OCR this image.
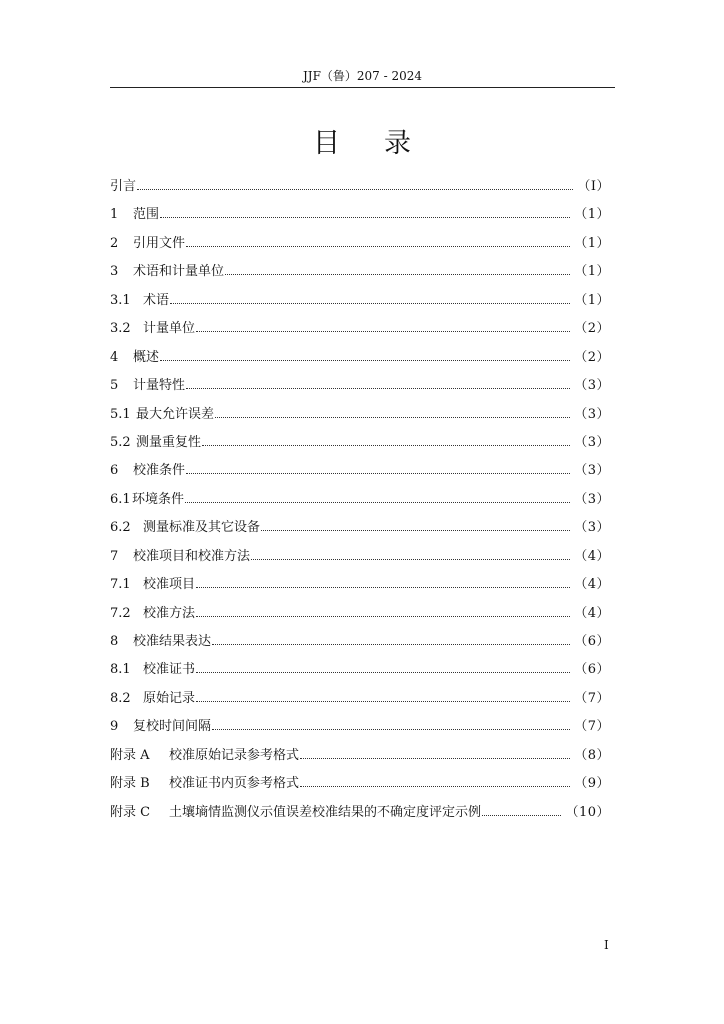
JJF（鲁）207 - 2024
目录
引言	（Ⅰ）
1	范围	（1）
2	引用文件	（1）
3	术语和计量单位	（1）
3.1 术语	（1）
3.2 计量单位	（2）
4	概述	（2）
5	计量特性	（3）
5.1 最大允许误差	（3）
5.2 测量重复性	（3）
6	校准条件	（3）
6.1 环境条件	（3）
6.2 测量标准及其它设备	（3）
7	校准项目和校准方法	（4）
7.1 校准项目	（4）
7.2 校准方法	（4）
8	校准结果表达	（6）
8.1 校准证书	（6）
8.2 原始记录	（7）
9	复校时间间隔	（7）
附录 A	校准原始记录参考格式	（8）
附录 B	校准证书内页参考格式	（9）
附录 C	土壤墒情监测仪示值误差校准结果的不确定度评定示例	（10）
I
